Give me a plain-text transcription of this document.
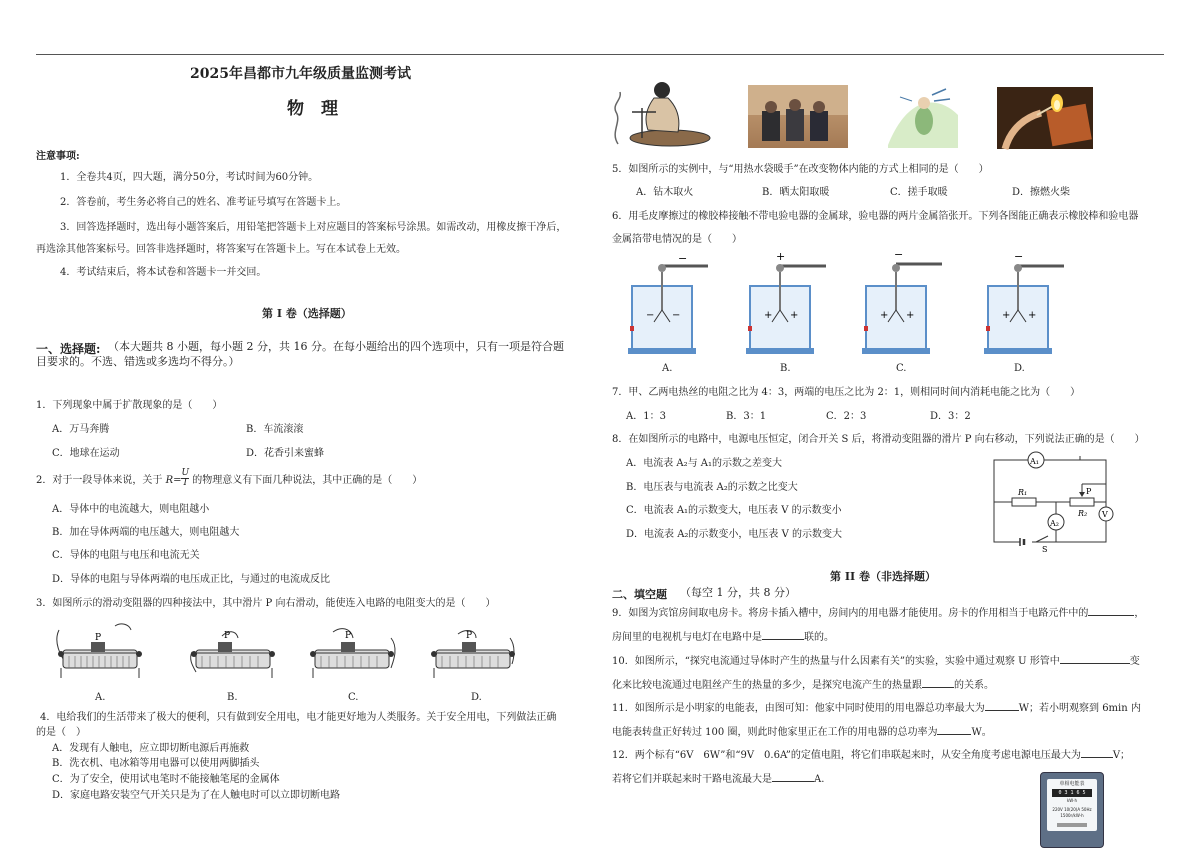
2025年昌都市九年级质量监测考试
物　理
注意事项:
1．全卷共4页，四大题，满分50分，考试时间为60分钟。
2．答卷前，考生务必将自己的姓名、准考证号填写在答题卡上。
3．回答选择题时，选出每小题答案后，用铅笔把答题卡上对应题目的答案标号涂黑。如需改动，用橡皮擦干净后，
再选涂其他答案标号。回答非选择题时，将答案写在答题卡上。写在本试卷上无效。
4．考试结束后，将本试卷和答题卡一并交回。
第 I 卷（选择题）
一、选择题: （本大题共 8 小题，每小题 2 分，共 16 分。在每小题给出的四个选项中，只有一项是符合题
目要求的。不选、错选或多选均不得分。）
1．下列现象中属于扩散现象的是（　　）
A．万马奔腾	B．车流滚滚
C．地球在运动	D．花香引来蜜蜂
2．对于一段导体来说，关于 $R= \frac{U}{I}$ 的物理意义有下面几种说法，其中正确的是（　　）
A．导体中的电流越大，则电阻越小
B．加在导体两端的电压越大，则电阻越大
C．导体的电阻与电压和电流无关
D．导体的电阻与导体两端的电压成正比，与通过的电流成反比
3．如图所示的滑动变阻器的四种接法中，其中滑片 P 向右滑动，能使连入电路的电阻变大的是（　　）
P	P	P	P
A.	B.	C.	D.
4．电给我们的生活带来了极大的便利，只有做到安全用电，电才能更好地为人类服务。关于安全用电，下列做法正确
的是（　）
A．发现有人触电，应立即切断电源后再施救
B．洗衣机、电冰箱等用电器可以使用两脚插头
C．为了安全，使用试电笔时不能接触笔尾的金属体
D．家庭电路安装空气开关只是为了在人触电时可以立即切断电路
5．如图所示的实例中，与“用热水袋暖手”在改变物体内能的方式上相同的是（　　）
A．钻木取火	B．晒太阳取暖	C．搓手取暖	D．擦燃火柴
6．用毛皮摩擦过的橡胶棒接触不带电验电器的金属球，验电器的两片金属箔张开。下列各图能正确表示橡胶棒和验电器
金属箔带电情况的是（　　）
−
− −
+
+ +
−
+ +
−
+ +
A.	B.	C.	D.
7．甲、乙两电热丝的电阻之比为 4：3，两端的电压之比为 2：1，则相同时间内消耗电能之比为（　　）
A．1：3	B．3：1	C．2：3	D．3：2
8．在如图所示的电路中，电源电压恒定，闭合开关 S 后，将滑动变阻器的滑片 P 向右移动，下列说法正确的是（　　）
A．电流表 A₂与 A₁的示数之差变大
B．电压表与电流表 A₂的示数之比变大
C．电流表 A₁的示数变大，电压表 V 的示数变小
D．电流表 A₂的示数变小，电压表 V 的示数变大
A₁
A₂
V
R₁
R₂
P
S
第 II 卷（非选择题）
二、填空题 （每空 1 分，共 8 分）
9．如图为宾馆房间取电房卡。将房卡插入槽中，房间内的用电器才能使用。房卡的作用相当于电路元件中的	，
房间里的电视机与电灯在电路中是	联的。
10．如图所示，“探究电流通过导体时产生的热量与什么因素有关”的实验，实验中通过观察 U 形管中	变
化来比较电流通过电阻丝产生的热量的多少，是探究电流产生的热量跟	的关系。
11．如图所示是小明家的电能表，由图可知：他家中同时使用的用电器总功率最大为	W；若小明观察到 6min 内
电能表转盘正好转过 100 圈，则此时他家里正在工作的用电器的总功率为	W。
12．两个标有“6V　6W”和“9V　0.6A”的定值电阻，将它们串联起来时，从安全角度考虑电源电压最大为	V；
若将它们并联起来时干路电流最大是	A.	单相电能表
0 3 1 6 5
kW·h
220V 10(20)A 50Hz
1500r/kW·h
